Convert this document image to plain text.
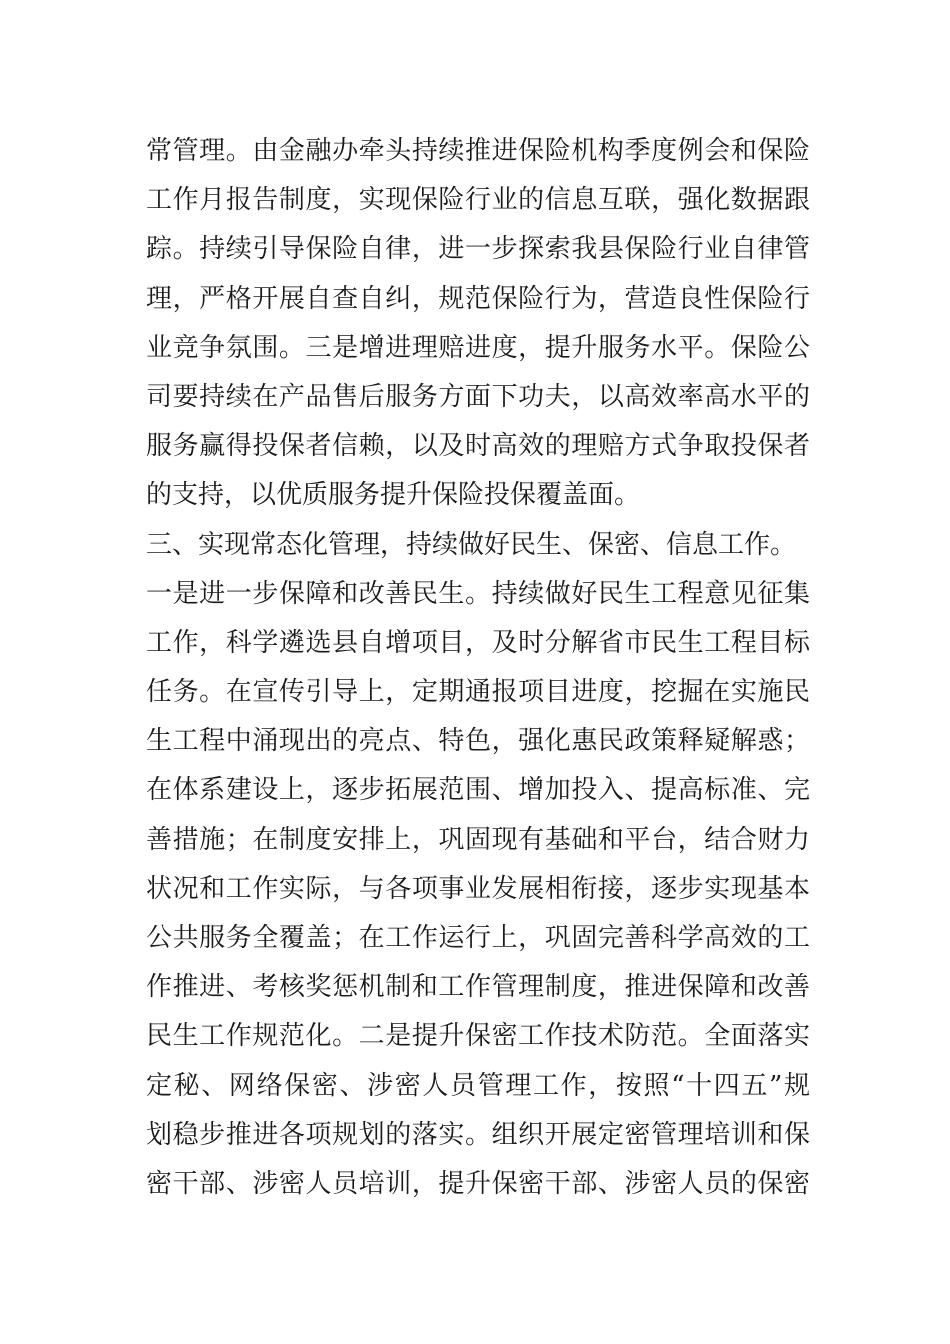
常管理。由金融办牵头持续推进保险机构季度例会和保险
工作月报告制度，实现保险行业的信息互联，强化数据跟
踪。持续引导保险自律，进一步探索我县保险行业自律管
理，严格开展自查自纠，规范保险行为，营造良性保险行
业竞争氛围。三是增进理赔进度，提升服务水平。保险公
司要持续在产品售后服务方面下功夫，以高效率高水平的
服务赢得投保者信赖，以及时高效的理赔方式争取投保者
的支持，以优质服务提升保险投保覆盖面。
三、实现常态化管理，持续做好民生、保密、信息工作。
一是进一步保障和改善民生。持续做好民生工程意见征集
工作，科学遴选县自增项目，及时分解省市民生工程目标
任务。在宣传引导上，定期通报项目进度，挖掘在实施民
生工程中涌现出的亮点、特色，强化惠民政策释疑解惑；
在体系建设上，逐步拓展范围、增加投入、提高标准、完
善措施；在制度安排上，巩固现有基础和平台，结合财力
状况和工作实际，与各项事业发展相衔接，逐步实现基本
公共服务全覆盖；在工作运行上，巩固完善科学高效的工
作推进、考核奖惩机制和工作管理制度，推进保障和改善
民生工作规范化。二是提升保密工作技术防范。全面落实
定秘、网络保密、涉密人员管理工作，按照“十四五”规
划稳步推进各项规划的落实。组织开展定密管理培训和保
密干部、涉密人员培训，提升保密干部、涉密人员的保密
